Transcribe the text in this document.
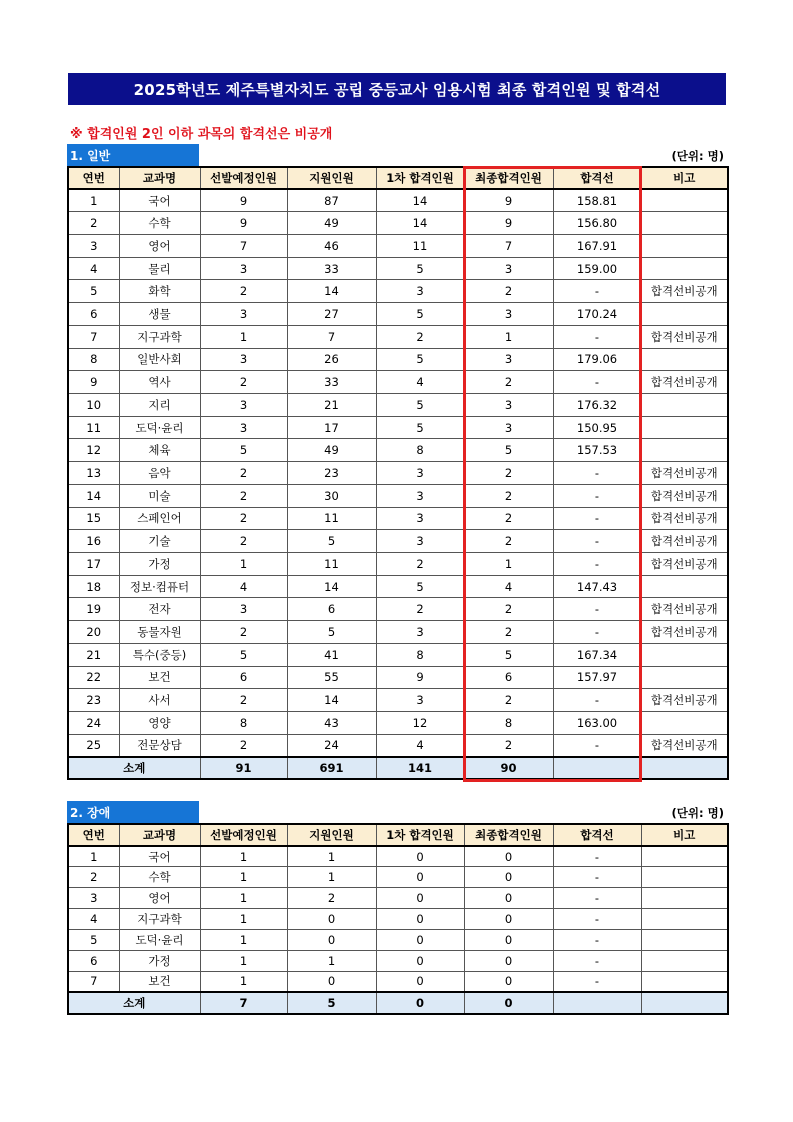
2025학년도 제주특별자치도 공립 중등교사 임용시험 최종 합격인원 및 합격선
※ 합격인원 2인 이하 과목의 합격선은 비공개
1. 일반	(단위: 명)
연번	교과명	선발예정인원	지원인원	1차 합격인원	최종합격인원	합격선	비고
1	국어	9	87	14	9	158.81	
2	수학	9	49	14	9	156.80	
3	영어	7	46	11	7	167.91	
4	물리	3	33	5	3	159.00	
5	화학	2	14	3	2	-	합격선비공개
6	생물	3	27	5	3	170.24	
7	지구과학	1	7	2	1	-	합격선비공개
8	일반사회	3	26	5	3	179.06	
9	역사	2	33	4	2	-	합격선비공개
10	지리	3	21	5	3	176.32	
11	도덕·윤리	3	17	5	3	150.95	
12	체육	5	49	8	5	157.53	
13	음악	2	23	3	2	-	합격선비공개
14	미술	2	30	3	2	-	합격선비공개
15	스페인어	2	11	3	2	-	합격선비공개
16	기술	2	5	3	2	-	합격선비공개
17	가정	1	11	2	1	-	합격선비공개
18	정보·컴퓨터	4	14	5	4	147.43	
19	전자	3	6	2	2	-	합격선비공개
20	동물자원	2	5	3	2	-	합격선비공개
21	특수(중등)	5	41	8	5	167.34	
22	보건	6	55	9	6	157.97	
23	사서	2	14	3	2	-	합격선비공개
24	영양	8	43	12	8	163.00	
25	전문상담	2	24	4	2	-	합격선비공개
소계		91	691	141	90		
2. 장애	(단위: 명)
연번	교과명	선발예정인원	지원인원	1차 합격인원	최종합격인원	합격선	비고
1	국어	1	1	0	0	-	
2	수학	1	1	0	0	-	
3	영어	1	2	0	0	-	
4	지구과학	1	0	0	0	-	
5	도덕·윤리	1	0	0	0	-	
6	가정	1	1	0	0	-	
7	보건	1	0	0	0	-	
소계		7	5	0	0		
